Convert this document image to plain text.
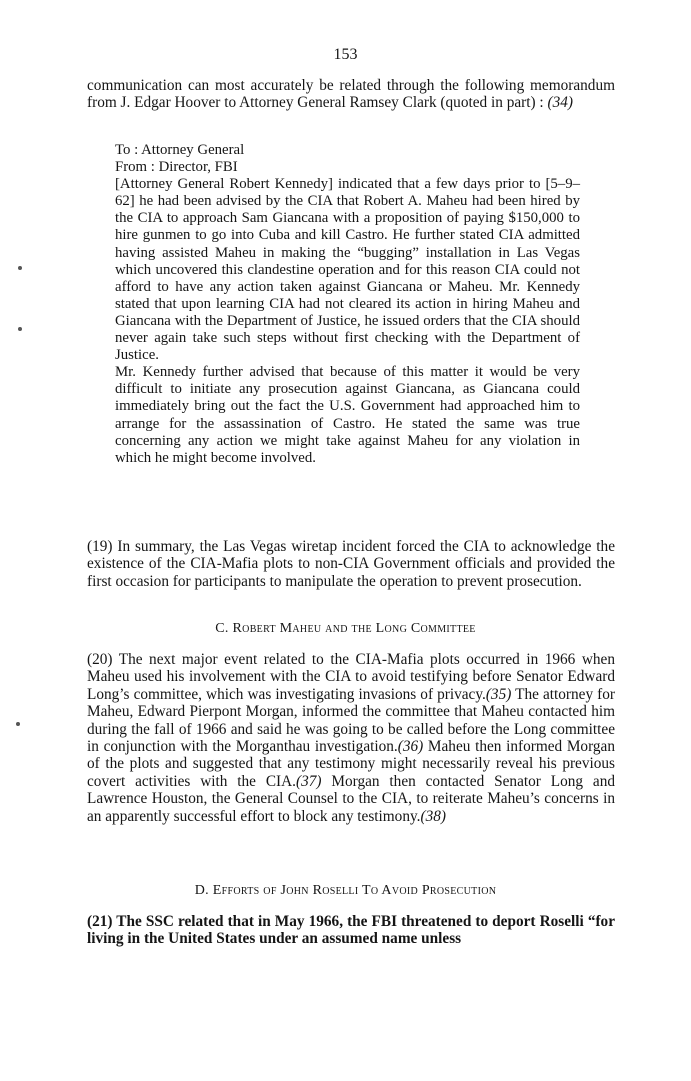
153
communication can most accurately be related through the following memorandum from J. Edgar Hoover to Attorney General Ramsey Clark (quoted in part) : (34)

To : Attorney General

From : Director, FBI

[Attorney General Robert Kennedy] indicated that a few days prior to [5–9–62] he had been advised by the CIA that Robert A. Maheu had been hired by the CIA to approach Sam Giancana with a proposition of paying $150,000 to hire gunmen to go into Cuba and kill Castro. He further stated CIA admitted having assisted Maheu in making the “bugging” installation in Las Vegas which uncovered this clandestine operation and for this reason CIA could not afford to have any action taken against Giancana or Maheu. Mr. Kennedy stated that upon learning CIA had not cleared its action in hiring Maheu and Giancana with the Department of Justice, he issued orders that the CIA should never again take such steps without first checking with the Department of Justice.

Mr. Kennedy further advised that because of this matter it would be very difficult to initiate any prosecution against Giancana, as Giancana could immediately bring out the fact the U.S. Government had approached him to arrange for the assassination of Castro. He stated the same was true concerning any action we might take against Maheu for any violation in which he might become involved.

(19) In summary, the Las Vegas wiretap incident forced the CIA to acknowledge the existence of the CIA-Mafia plots to non-CIA Government officials and provided the first occasion for participants to manipulate the operation to prevent prosecution.
C. Robert Maheu and the Long Committee
(20) The next major event related to the CIA-Mafia plots occurred in 1966 when Maheu used his involvement with the CIA to avoid testifying before Senator Edward Long’s committee, which was investigating invasions of privacy.(35) The attorney for Maheu, Edward Pierpont Morgan, informed the committee that Maheu contacted him during the fall of 1966 and said he was going to be called before the Long committee in conjunction with the Morganthau investigation.(36) Maheu then informed Morgan of the plots and suggested that any testimony might necessarily reveal his previous covert activities with the CIA.(37) Morgan then contacted Senator Long and Lawrence Houston, the General Counsel to the CIA, to reiterate Maheu’s concerns in an apparently successful effort to block any testimony.(38)
D. Efforts of John Roselli To Avoid Prosecution
(21) The SSC related that in May 1966, the FBI threatened to deport Roselli “for living in the United States under an assumed name unless
